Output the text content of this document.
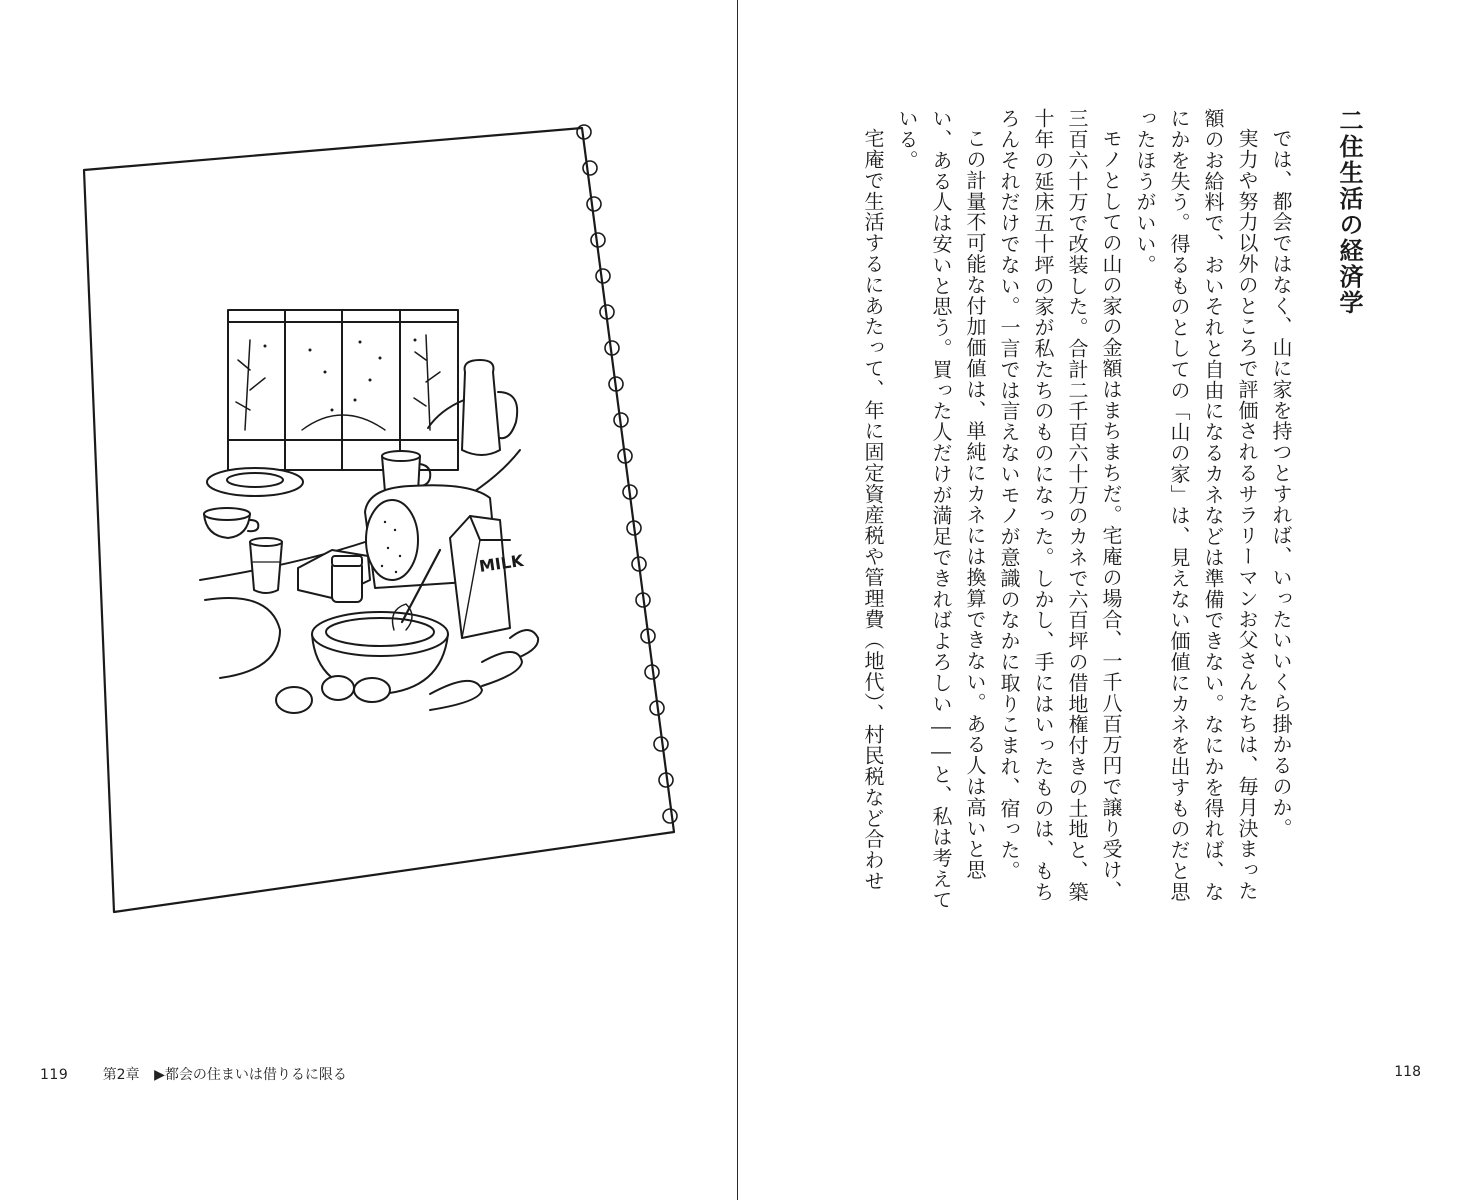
MILK
119 第2章 ▶都会の住まいは借りるに限る
二住生活の経済学

では、都会ではなく、山に家を持つとすれば、いったいいくら掛かるのか。

実力や努力以外のところで評価されるサラリーマンお父さんたちは、毎月決まった額のお給料で、おいそれと自由になるカネなどは準備できない。なにかを得れば、なにかを失う。得るものとしての「山の家」は、見えない価値にカネを出すものだと思ったほうがいい。

モノとしての山の家の金額はまちまちだ。宅庵の場合、一千八百万円で譲り受け、三百六十万で改装した。合計二千百六十万のカネで六百坪の借地権付きの土地と、築十年の延床五十坪の家が私たちのものになった。しかし、手にはいったものは、もちろんそれだけでない。一言では言えないモノが意識のなかに取りこまれ、宿った。

この計量不可能な付加価値は、単純にカネには換算できない。ある人は高いと思い、ある人は安いと思う。買った人だけが満足できればよろしい――と、私は考えている。

宅庵で生活するにあたって、年に固定資産税や管理費（地代）、村民税など合わせ

118
